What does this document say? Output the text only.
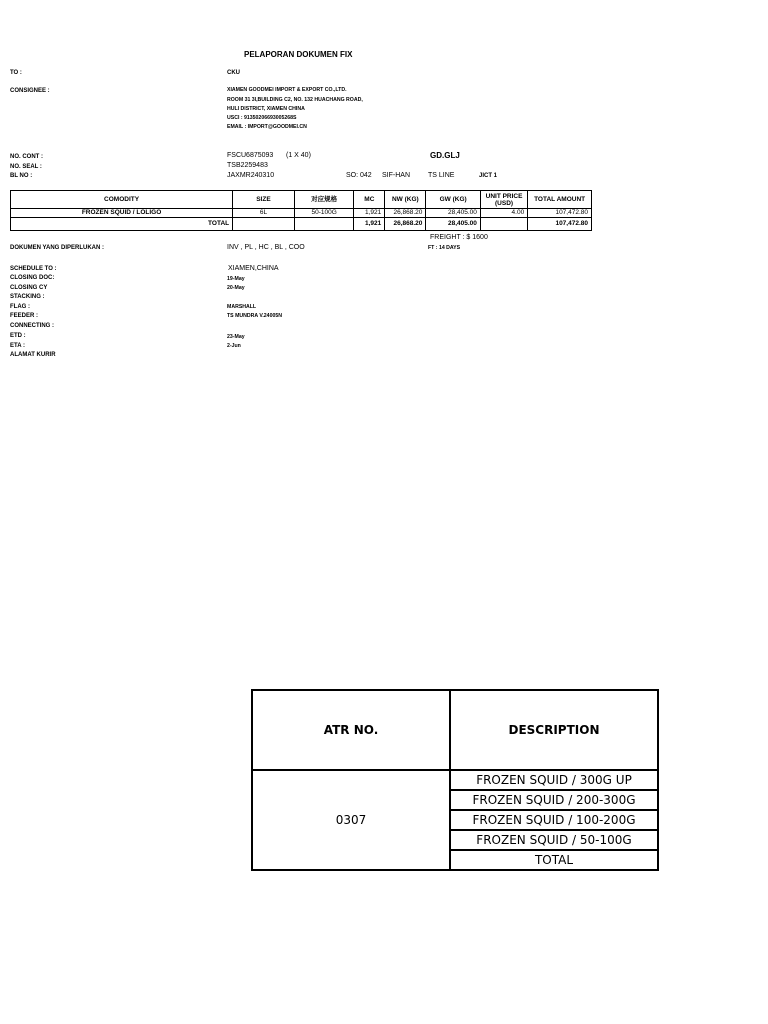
PELAPORAN DOKUMEN FIX
TO :	CKU
CONSIGNEE :	XIAMEN GOODMEI IMPORT & EXPORT CO.,LTD.
ROOM 31 3I,BUILDING C2, NO. 132 HUACHANG ROAD,
HULI DISTRICT, XIAMEN CHINA
USCI : 91350206693005268S
EMAIL : IMPORT@GOODMEI.CN
NO. CONT :	FSCU6875093 (1 X 40)	GD.GLJ
NO. SEAL :	TSB2259483
BL NO :	JAXMR240310	SO: 042 SIF-HAN	TS LINE	JICT 1
COMODITY	SIZE	对应规格	MC	NW (KG)	GW (KG)	UNIT PRICE (USD)	TOTAL AMOUNT
FROZEN SQUID / LOLIGO	6L	50-100G	1,921	26,868.20	28,405.00	4.00	107,472.80
TOTAL			1,921	26,868.20	28,405.00		107,472.80
FREIGHT : $ 1600
FT : 14 DAYS
DOKUMEN YANG DIPERLUKAN :	INV , PL , HC , BL , COO
SCHEDULE TO :	XIAMEN,CHINA
CLOSING DOC:	19-May
CLOSING CY	20-May
STACKING :
FLAG :	MARSHALL
FEEDER :	TS MUNDRA V.24005N
CONNECTING :
ETD :	23-May
ETA :	2-Jun
ALAMAT KURIR
ATR NO.	DESCRIPTION
0307	FROZEN SQUID / 300G UP
	FROZEN SQUID / 200-300G
	FROZEN SQUID / 100-200G
	FROZEN SQUID / 50-100G
	TOTAL
